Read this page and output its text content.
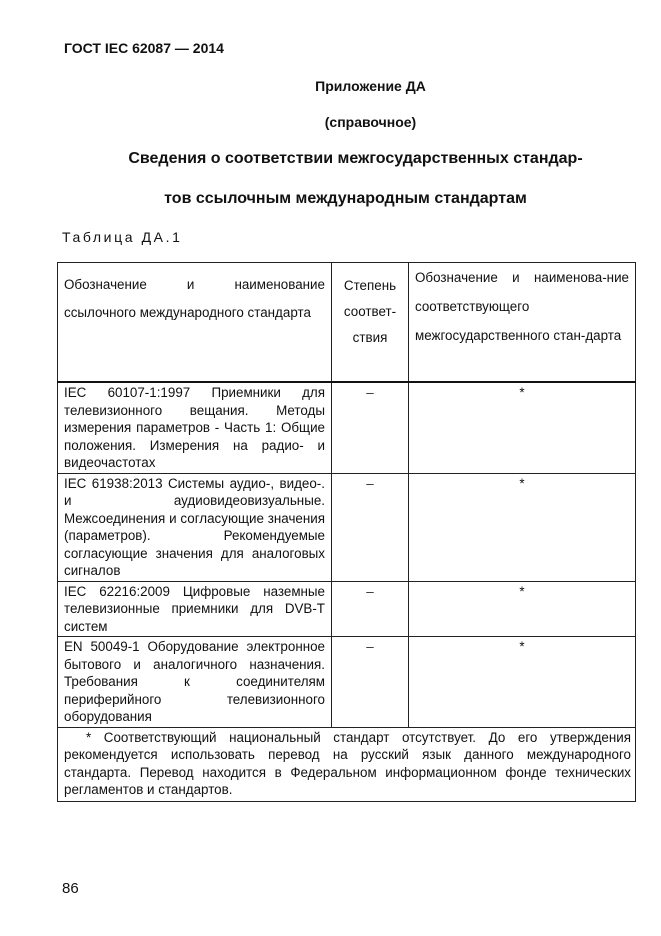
ГОСТ IEC 62087 — 2014
Приложение ДА
(справочное)
Сведения о соответствии межгосударственных стандар-
тов ссылочным международным стандартам
Таблица ДА.1
Обозначение и наименование ссылочного международного стандарта	Степень соответ-ствия	Обозначение и наименова-ние соответствующего межгосударственного стан-дарта
IEC 60107-1:1997 Приемники для телевизионного вещания. Методы измерения параметров - Часть 1: Общие положения. Измерения на радио- и видеочастотах	–	*

IEC 61938:2013 Системы аудио-, видео-. и аудиовидеовизуальные. Межсоединения и согласующие значения (параметров). Рекомендуемые согласующие значения для аналоговых сигналов	–	*

IEC 62216:2009 Цифровые наземные телевизионные приемники для DVB-T систем	–	*

EN 50049-1 Оборудование электронное бытового и аналогичного назначения. Требования к соединителям периферийного телевизионного оборудования	–	*

* Соответствующий национальный стандарт отсутствует. До его утверждения рекомендуется использовать перевод на русский язык данного международного стандарта. Перевод находится в Федеральном информационном фонде технических регламентов и стандартов.		
86
